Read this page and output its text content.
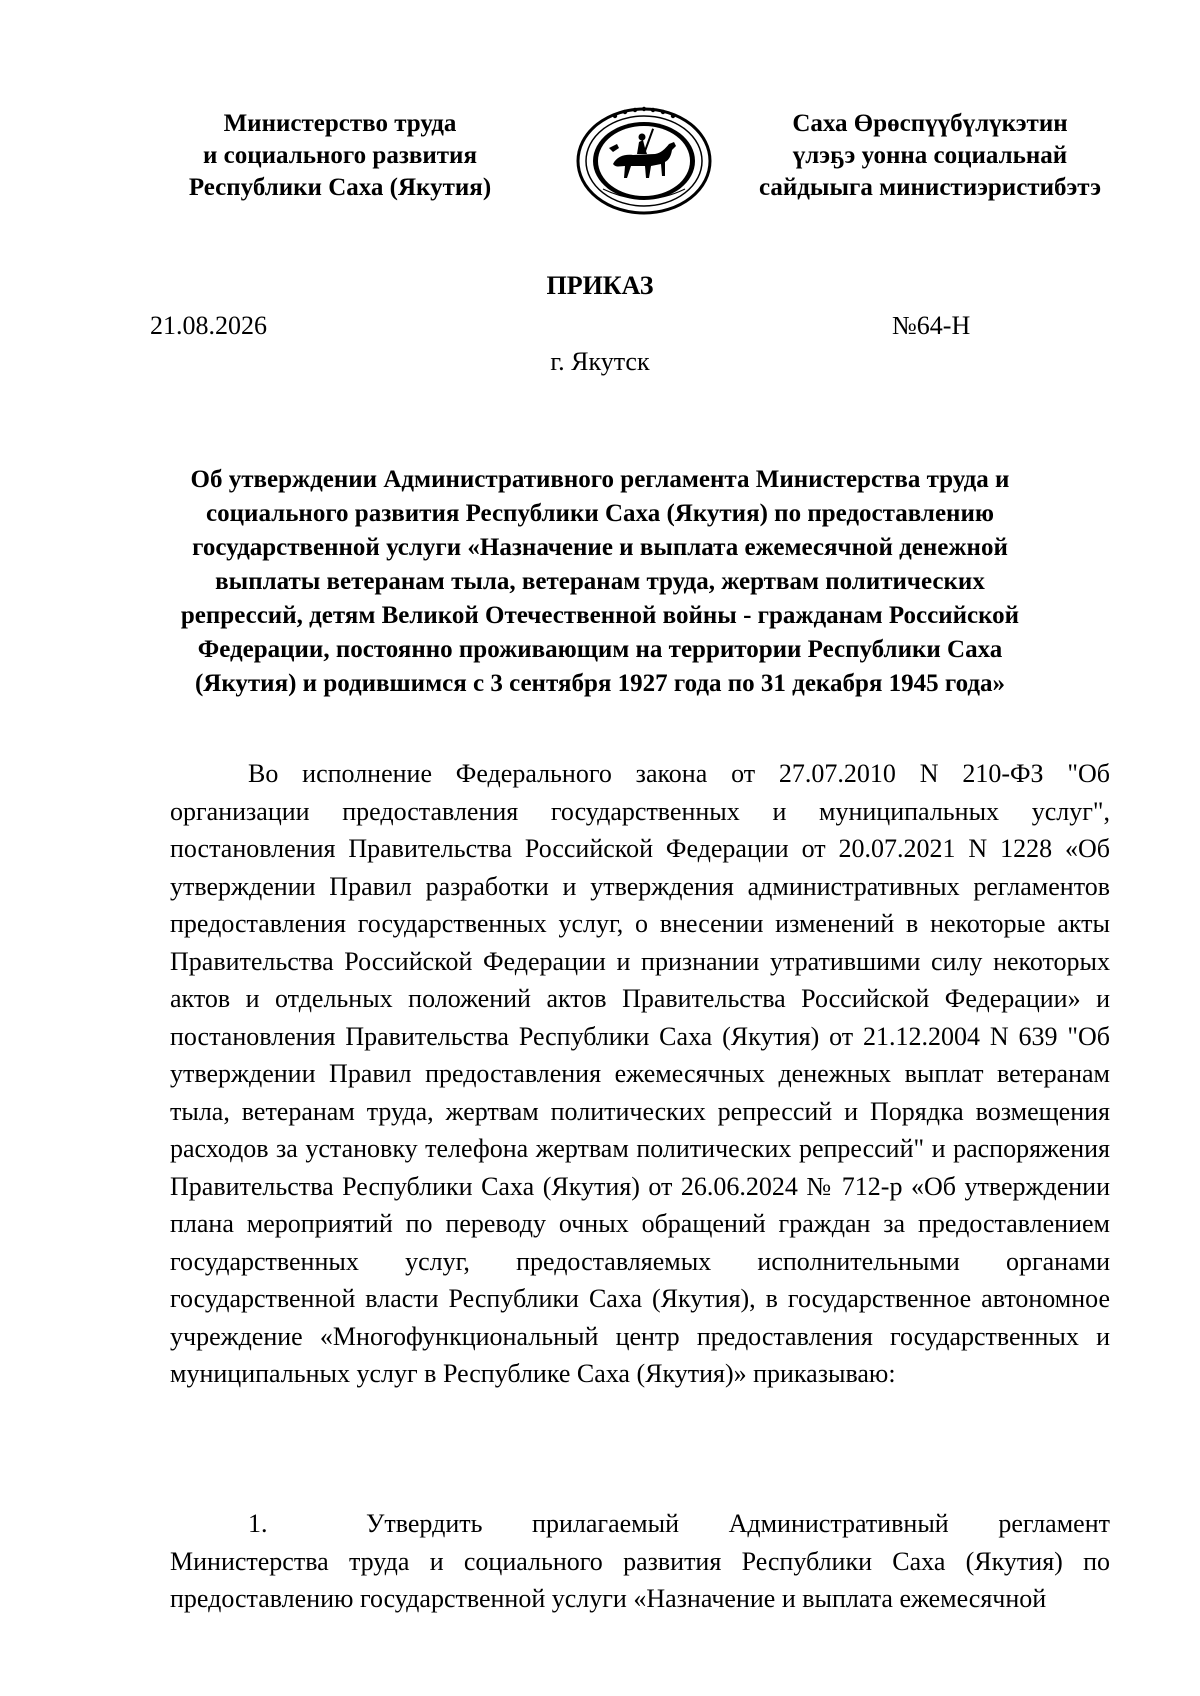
Министерство труда
и социального развития
Республики Саха (Якутия)
Саха Өрөспүүбүлүкэтин
үлэҕэ уонна социальнай
сайдыыга министиэристибэтэ
ПРИКАЗ
21.08.2026	№64-Н
г. Якутск
Об утверждении Административного регламента Министерства труда и
социального развития Республики Саха (Якутия) по предоставлению
государственной услуги «Назначение и выплата ежемесячной денежной
выплаты ветеранам тыла, ветеранам труда, жертвам политических
репрессий, детям Великой Отечественной войны - гражданам Российской
Федерации, постоянно проживающим на территории Республики Саха
(Якутия) и родившимся с 3 сентября 1927 года по 31 декабря 1945 года»

Во исполнение Федерального закона от 27.07.2010 N 210-ФЗ "Об организации предоставления государственных и муниципальных услуг", постановления Правительства Российской Федерации от 20.07.2021 N 1228 «Об утверждении Правил разработки и утверждения административных регламентов предоставления государственных услуг, о внесении изменений в некоторые акты Правительства Российской Федерации и признании утратившими силу некоторых актов и отдельных положений актов Правительства Российской Федерации» и постановления Правительства Республики Саха (Якутия) от 21.12.2004 N 639 "Об утверждении Правил предоставления ежемесячных денежных выплат ветеранам тыла, ветеранам труда, жертвам политических репрессий и Порядка возмещения расходов за установку телефона жертвам политических репрессий" и распоряжения Правительства Республики Саха (Якутия) от 26.06.2024 № 712-р «Об утверждении плана мероприятий по переводу очных обращений граждан за предоставлением государственных услуг, предоставляемых исполнительными органами государственной власти Республики Саха (Якутия), в государственное автономное учреждение «Многофункциональный центр предоставления государственных и муниципальных услуг в Республике Саха (Якутия)» приказываю:

1.	Утвердить прилагаемый Административный регламент Министерства труда и социального развития Республики Саха (Якутия) по предоставлению государственной услуги «Назначение и выплата ежемесячной
